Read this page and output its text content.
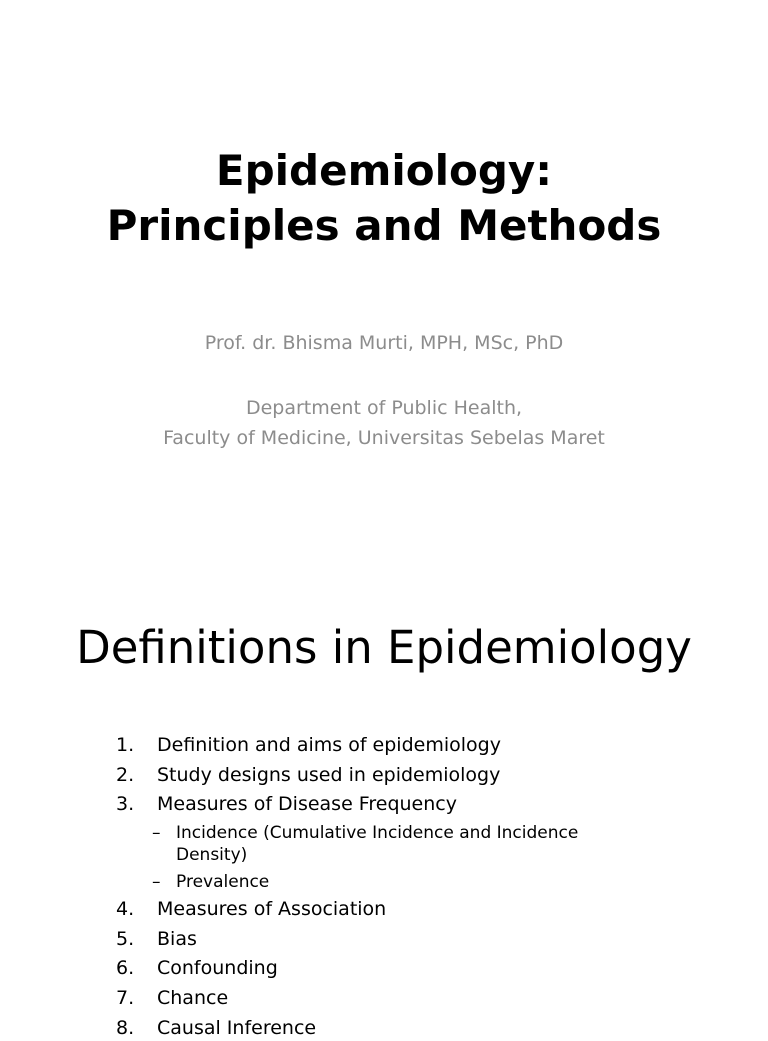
Epidemiology:
Principles and Methods
Prof. dr. Bhisma Murti, MPH, MSc, PhD
Department of Public Health,
Faculty of Medicine, Universitas Sebelas Maret
Definitions in Epidemiology
1. Definition and aims of epidemiology
2. Study designs used in epidemiology
3. Measures of Disease Frequency
– Incidence (Cumulative Incidence and Incidence Density)
– Prevalence
4. Measures of Association
5. Bias
6. Confounding
7. Chance
8. Causal Inference
